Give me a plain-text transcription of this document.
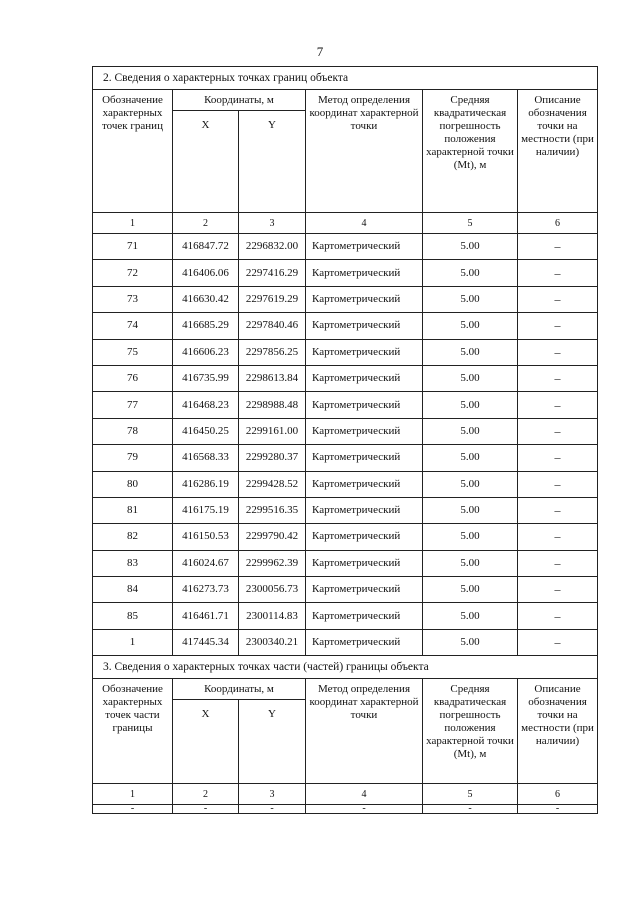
7
2. Сведения о характерных точках границ объекта					
Обозначение характерных точек границ	Координаты, м		Метод определения координат характерной точки	Средняя квадратическая погрешность положения характерной точки (Mt), м	Описание обозначения точки на местности (при наличии)
	X	Y			
1	2	3	4	5	6
71	416847.72	2296832.00	Картометрический	5.00	–
72	416406.06	2297416.29	Картометрический	5.00	–
73	416630.42	2297619.29	Картометрический	5.00	–
74	416685.29	2297840.46	Картометрический	5.00	–
75	416606.23	2297856.25	Картометрический	5.00	–
76	416735.99	2298613.84	Картометрический	5.00	–
77	416468.23	2298988.48	Картометрический	5.00	–
78	416450.25	2299161.00	Картометрический	5.00	–
79	416568.33	2299280.37	Картометрический	5.00	–
80	416286.19	2299428.52	Картометрический	5.00	–
81	416175.19	2299516.35	Картометрический	5.00	–
82	416150.53	2299790.42	Картометрический	5.00	–
83	416024.67	2299962.39	Картометрический	5.00	–
84	416273.73	2300056.73	Картометрический	5.00	–
85	416461.71	2300114.83	Картометрический	5.00	–
1	417445.34	2300340.21	Картометрический	5.00	–
3. Сведения о характерных точках части (частей) границы объекта					
Обозначение характерных точек части границы	Координаты, м		Метод определения координат характерной точки	Средняя квадратическая погрешность положения характерной точки (Mt), м	Описание обозначения точки на местности (при наличии)
	X	Y			
1	2	3	4	5	6
-	-	-	-	-	-
